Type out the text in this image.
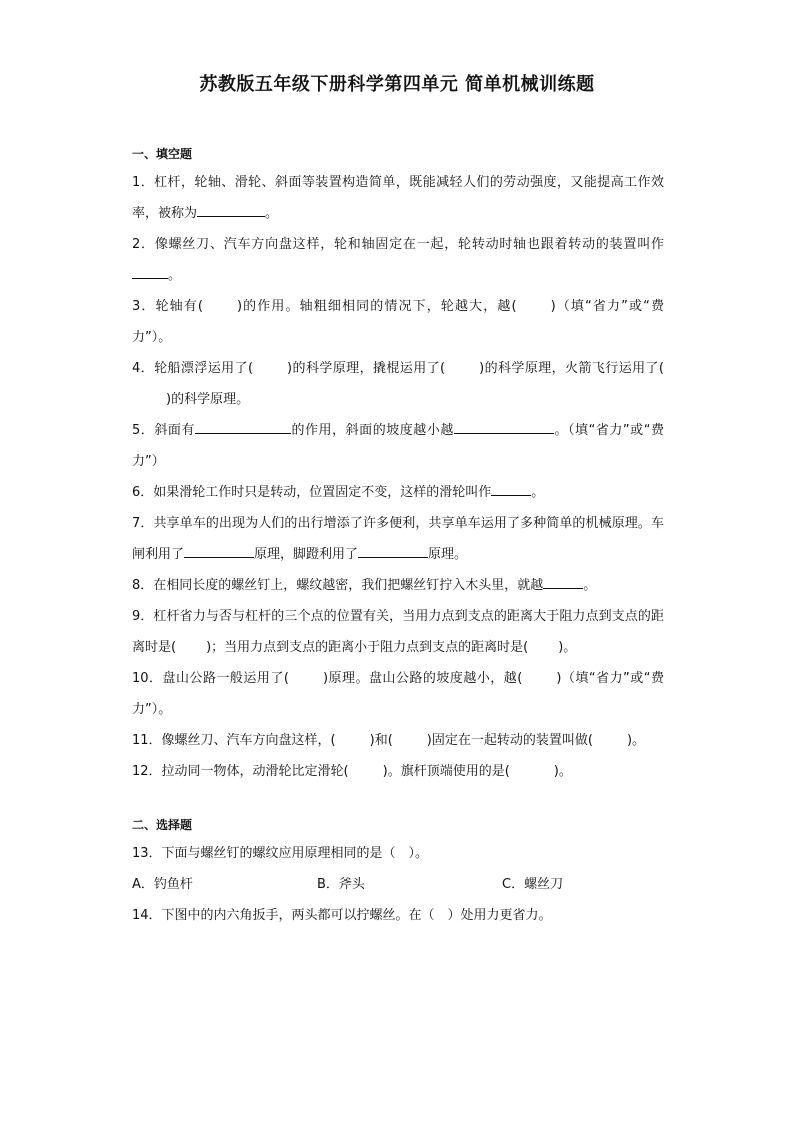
苏教版五年级下册科学第四单元 简单机械训练题
一、填空题

1．杠杆，轮轴、滑轮、斜面等装置构造简单，既能减轻人们的劳动强度，又能提高工作效率，被称为	。

2．像螺丝刀、汽车方向盘这样，轮和轴固定在一起，轮转动时轴也跟着转动的装置叫作。

3．轮轴有(	)的作用。轴粗细相同的情况下，轮越大，越(	)（填“省力”或“费力”）。

4．轮船漂浮运用了(	)的科学原理，撬棍运用了(	)的科学原理，火箭飞行运用了()的科学原理。

5．斜面有	的作用，斜面的坡度越小越	。（填“省力”或“费力”）

6．如果滑轮工作时只是转动，位置固定不变，这样的滑轮叫作	。

7．共享单车的出现为人们的出行增添了许多便利，共享单车运用了多种简单的机械原理。车闸利用了	原理，脚蹬利用了	原理。

8．在相同长度的螺丝钉上，螺纹越密，我们把螺丝钉拧入木头里，就越	。

9．杠杆省力与否与杠杆的三个点的位置有关，当用力点到支点的距离大于阻力点到支点的距离时是( )；当用力点到支点的距离小于阻力点到支点的距离时是( )。

10．盘山公路一般运用了(	)原理。盘山公路的坡度越小，越(	)（填“省力”或“费力”）。

11．像螺丝刀、汽车方向盘这样，(	)和(	)固定在一起转动的装置叫做(	)。

12．拉动同一物体，动滑轮比定滑轮(	)。旗杆顶端使用的是(	)。

二、选择题

13．下面与螺丝钉的螺纹应用原理相同的是（　）。

A．钓鱼杆	B．斧头	C．螺丝刀

14．下图中的内六角扳手，两头都可以拧螺丝。在（　）处用力更省力。
